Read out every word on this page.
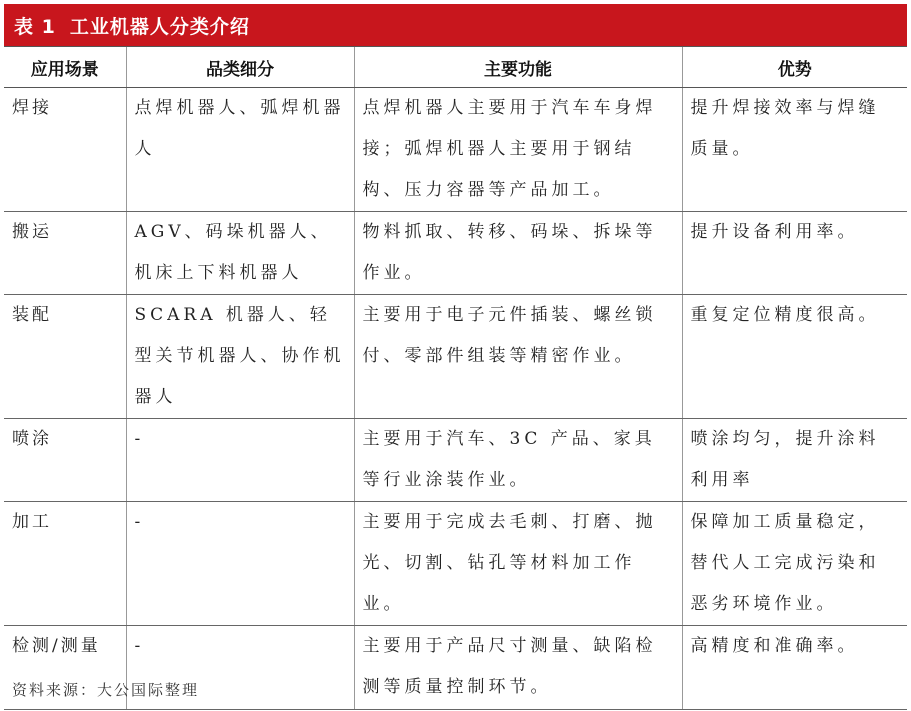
表 1 工业机器人分类介绍
应用场景	品类细分	主要功能	优势
焊接	点焊机器人、弧焊机器人	点焊机器人主要用于汽车车身焊接；弧焊机器人主要用于钢结构、压力容器等产品加工。	提升焊接效率与焊缝质量。
搬运	AGV、码垛机器人、机床上下料机器人	物料抓取、转移、码垛、拆垛等作业。	提升设备利用率。
装配	SCARA 机器人、轻型关节机器人、协作机器人	主要用于电子元件插装、螺丝锁付、零部件组装等精密作业。	重复定位精度很高。
喷涂	-	主要用于汽车、3C 产品、家具等行业涂装作业。	喷涂均匀，提升涂料利用率
加工	-	主要用于完成去毛刺、打磨、抛光、切割、钻孔等材料加工作业。	保障加工质量稳定，替代人工完成污染和恶劣环境作业。
检测/测量	-	主要用于产品尺寸测量、缺陷检测等质量控制环节。	高精度和准确率。
资料来源：大公国际整理
